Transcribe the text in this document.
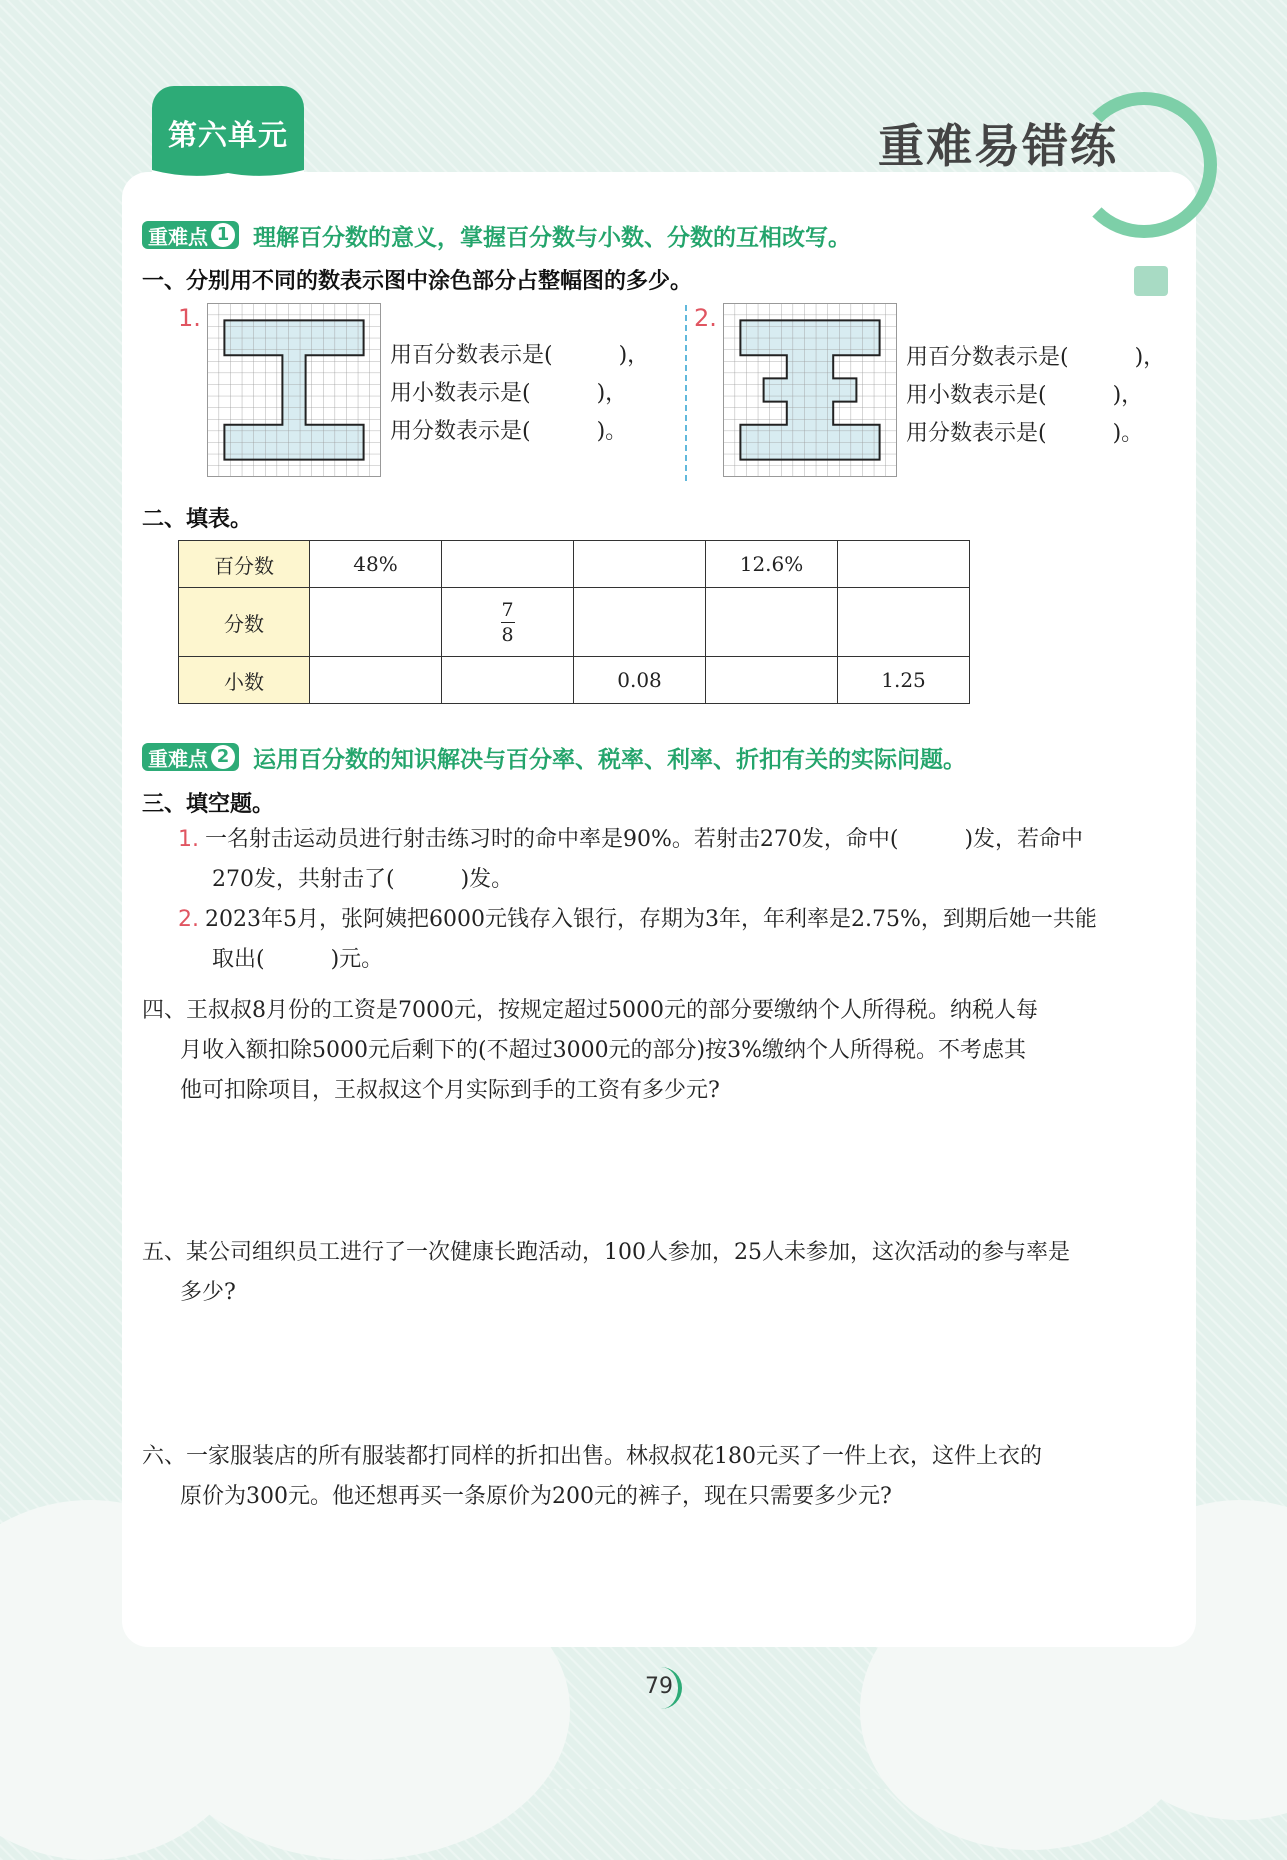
第六单元	重难易错练
重难点 1 理解百分数的意义，掌握百分数与小数、分数的互相改写。
一、分别用不同的数表示图中涂色部分占整幅图的多少。
1.
用百分数表示是(　　　)，
用小数表示是(　　　)，
用分数表示是(　　　)。
2.
用百分数表示是(　　　)，
用小数表示是(　　　)，
用分数表示是(　　　)。
二、填表。
百分数	48%			12.6%	
分数		$\frac{7}{8}$			
小数			0.08		1.25
重难点 2 运用百分数的知识解决与百分率、税率、利率、折扣有关的实际问题。
三、填空题。
1. 一名射击运动员进行射击练习时的命中率是90%。若射击270发，命中(　　　)发，若命中
270发，共射击了(　　　)发。
2. 2023年5月，张阿姨把6000元钱存入银行，存期为3年，年利率是2.75%，到期后她一共能
取出(　　　)元。
四、王叔叔8月份的工资是7000元，按规定超过5000元的部分要缴纳个人所得税。纳税人每
月收入额扣除5000元后剩下的(不超过3000元的部分)按3%缴纳个人所得税。不考虑其
他可扣除项目，王叔叔这个月实际到手的工资有多少元?
五、某公司组织员工进行了一次健康长跑活动，100人参加，25人未参加，这次活动的参与率是
多少?
六、一家服装店的所有服装都打同样的折扣出售。林叔叔花180元买了一件上衣，这件上衣的
原价为300元。他还想再买一条原价为200元的裤子，现在只需要多少元?
79
